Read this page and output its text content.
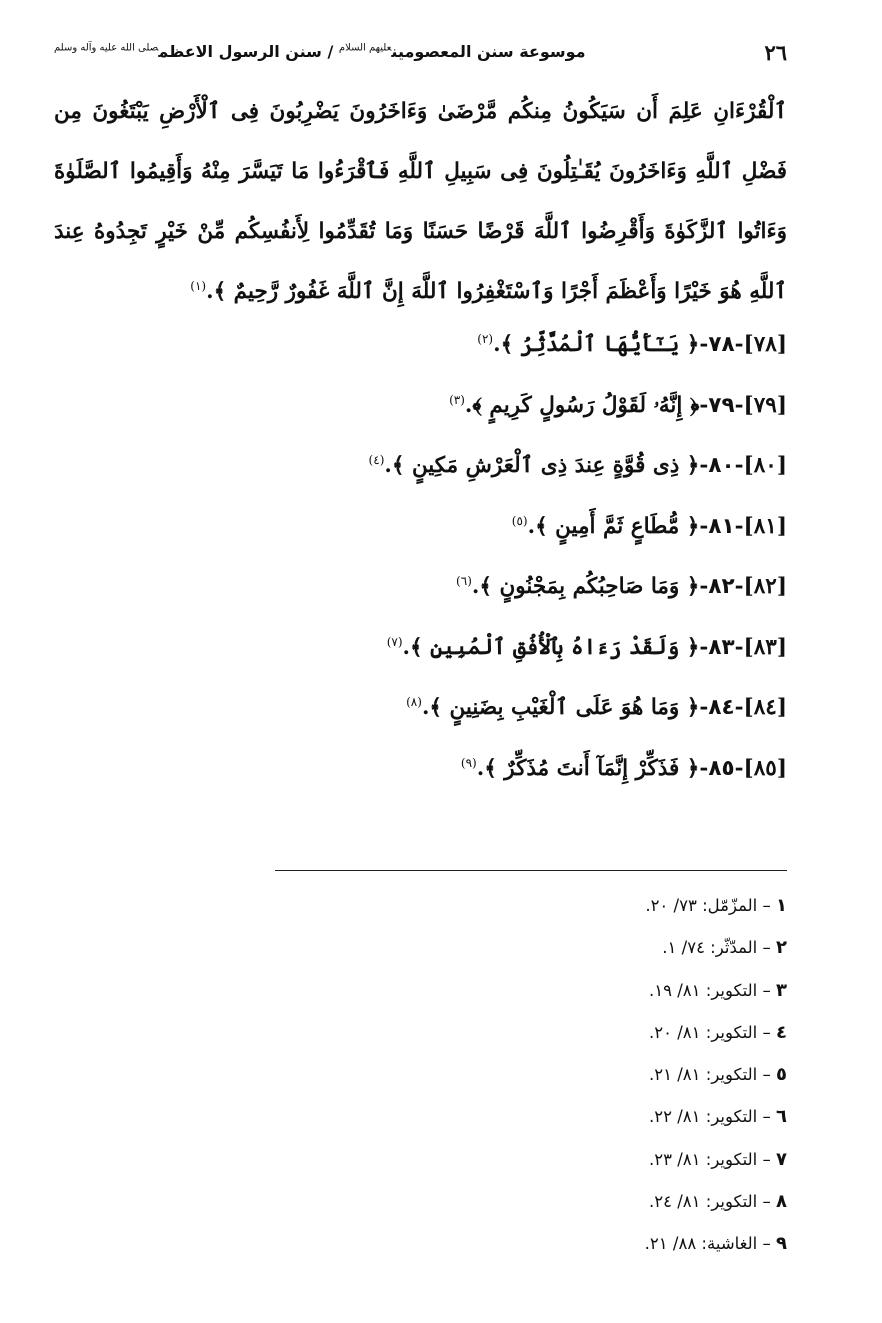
٢٦
موسوعة سنن المعصومين$^{عليهم السلام}$ / سنن الرسول الاعظم$^{صلى الله عليه وآله وسلم}$
ٱلْقُرْءَانِ عَلِمَ أَن سَيَكُونُ مِنكُم مَّرْضَىٰ وَءَاخَرُونَ يَضْرِبُونَ فِى ٱلْأَرْضِ يَبْتَغُونَ مِن فَضْلِ ٱللَّهِ وَءَاخَرُونَ يُقَـٰتِلُونَ فِى سَبِيلِ ٱللَّهِ فَٱقْرَءُوا مَا تَيَسَّرَ مِنْهُ وَأَقِيمُوا ٱلصَّلَوٰةَ وَءَاتُوا ٱلزَّكَوٰةَ وَأَقْرِضُوا ٱللَّهَ قَرْضًا حَسَنًا وَمَا تُقَدِّمُوا لِأَنفُسِكُم مِّنْ خَيْرٍ تَجِدُوهُ عِندَ ٱللَّهِ هُوَ خَيْرًا وَأَعْظَمَ أَجْرًا وَٱسْتَغْفِرُوا ٱللَّهَ إِنَّ ٱللَّهَ غَفُورٌ رَّحِيمٌ ﴾.$^{(١)}$
[٧٨]-٧٨-﴿ يَـٰٓأَيُّهَا ٱلْمُدَّثِّرُ ﴾.$^{(٢)}$
[٧٩]-٧٩-﴿ إِنَّهُۥ لَقَوْلُ رَسُولٍ كَرِيمٍ ﴾.$^{(٣)}$
[٨٠]-٨٠-﴿ ذِى قُوَّةٍ عِندَ ذِى ٱلْعَرْشِ مَكِينٍ ﴾.$^{(٤)}$
[٨١]-٨١-﴿ مُّطَاعٍ ثَمَّ أَمِينٍ ﴾.$^{(٥)}$
[٨٢]-٨٢-﴿ وَمَا صَاحِبُكُم بِمَجْنُونٍ ﴾.$^{(٦)}$
[٨٣]-٨٣-﴿ وَلَقَدْ رَءَاهُ بِٱلْأُفُقِ ٱلْمُبِينِ ﴾.$^{(٧)}$
[٨٤]-٨٤-﴿ وَمَا هُوَ عَلَى ٱلْغَيْبِ بِضَنِينٍ ﴾.$^{(٨)}$
[٨٥]-٨٥-﴿ فَذَكِّرْ إِنَّمَآ أَنتَ مُذَكِّرٌ ﴾.$^{(٩)}$
١ – المزّمّل: ٧٣/ ٢٠.
٢ – المدّثّر: ٧٤/ ١.
٣ – التكوير: ٨١/ ١٩.
٤ – التكوير: ٨١/ ٢٠.
٥ – التكوير: ٨١/ ٢١.
٦ – التكوير: ٨١/ ٢٢.
٧ – التكوير: ٨١/ ٢٣.
٨ – التكوير: ٨١/ ٢٤.
٩ – الغاشية: ٨٨/ ٢١.
